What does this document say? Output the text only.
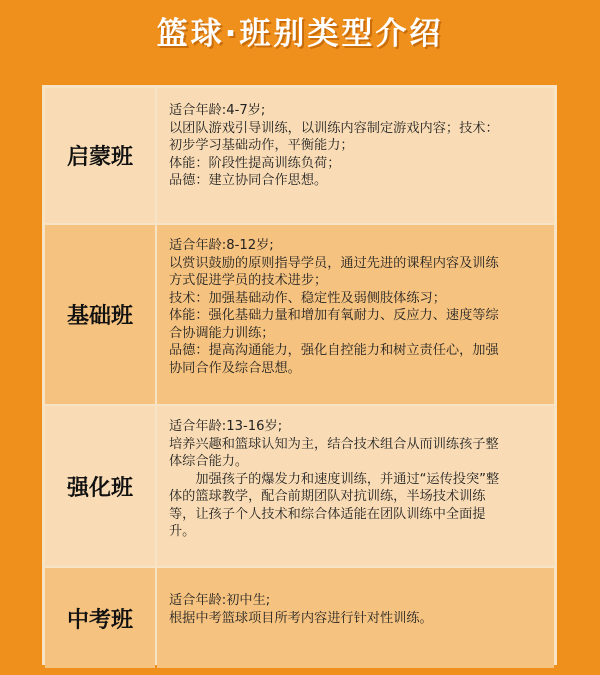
篮球·班别类型介绍
启蒙班

适合年龄:4-7岁;

以团队游戏引导训练，以训练内容制定游戏内容；技术：

初步学习基础动作，平衡能力；

体能：阶段性提高训练负荷；

品德：建立协同合作思想。

基础班

适合年龄:8-12岁;

以赏识鼓励的原则指导学员，通过先进的课程内容及训练

方式促进学员的技术进步；

技术：加强基础动作、稳定性及弱侧肢体练习；

体能：强化基础力量和增加有氧耐力、反应力、速度等综

合协调能力训练；

品德：提高沟通能力，强化自控能力和树立责任心，加强

协同合作及综合思想。

强化班

适合年龄:13-16岁;

培养兴趣和篮球认知为主，结合技术组合从而训练孩子整

体综合能力。

加强孩子的爆发力和速度训练，并通过“运传投突”整

体的篮球教学，配合前期团队对抗训练，半场技术训练

等，让孩子个人技术和综合体适能在团队训练中全面提

升。

中考班

适合年龄:初中生;

根据中考篮球项目所考内容进行针对性训练。
